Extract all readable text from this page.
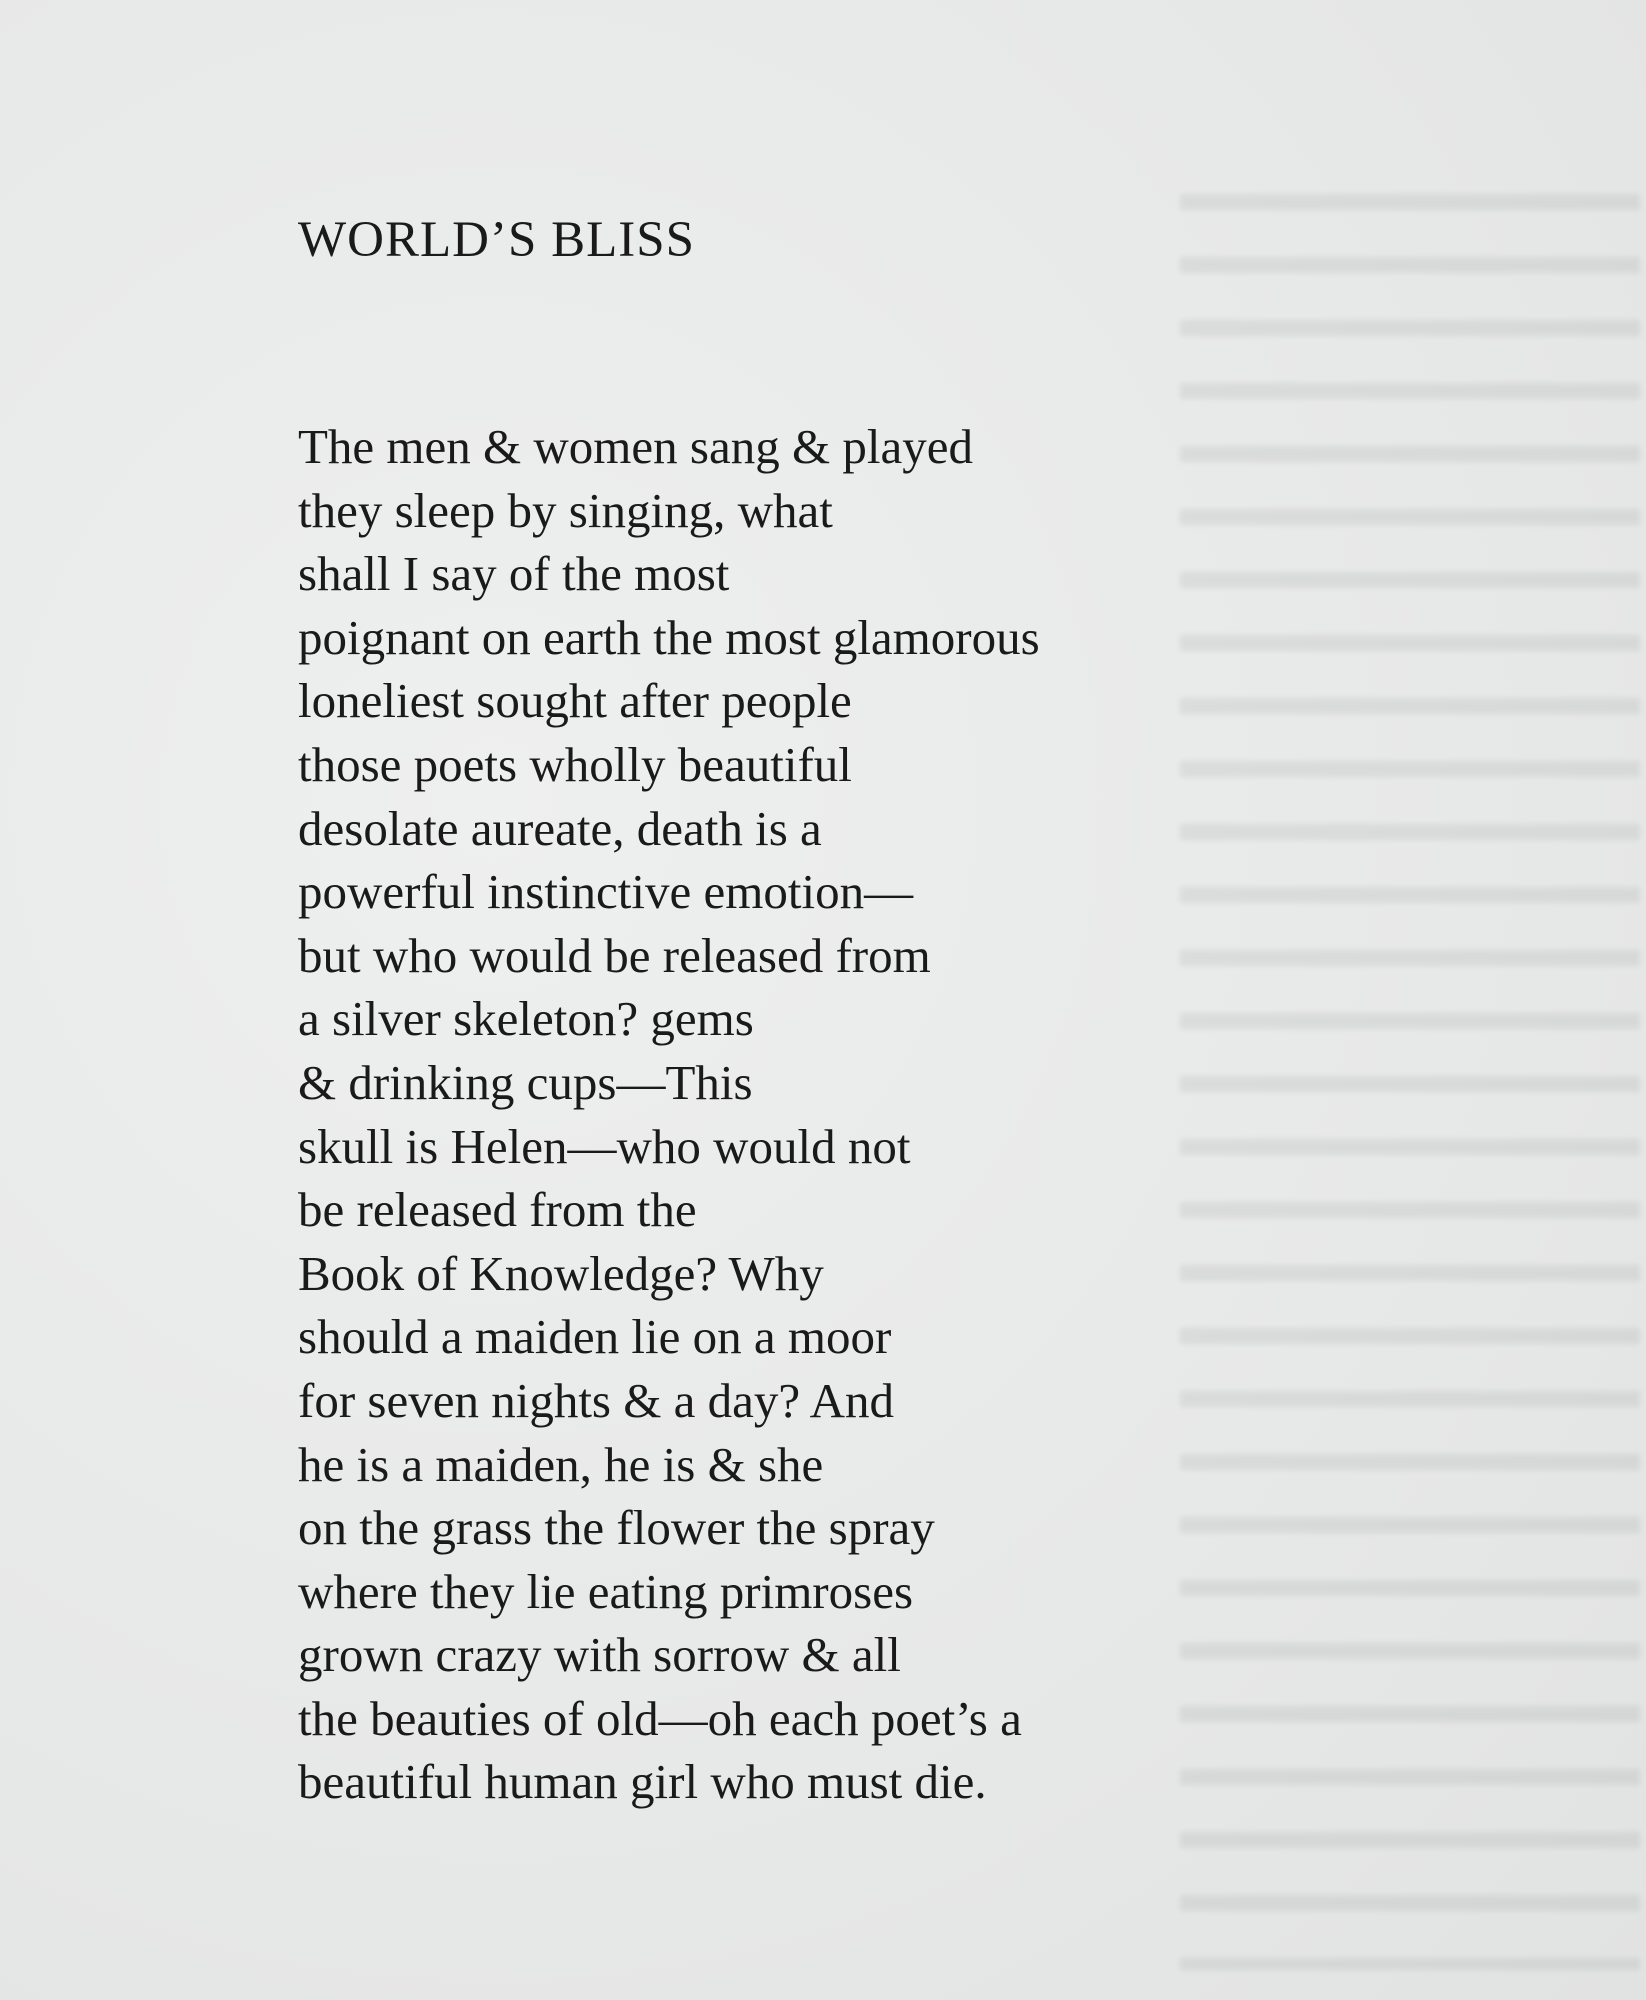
WORLD’S BLISS
The men & women sang & played
they sleep by singing, what
shall I say of the most
poignant on earth the most glamorous
loneliest sought after people
those poets wholly beautiful
desolate aureate, death is a
powerful instinctive emotion—
but who would be released from
a silver skeleton? gems
& drinking cups—This
skull is Helen—who would not
be released from the
Book of Knowledge? Why
should a maiden lie on a moor
for seven nights & a day? And
he is a maiden, he is & she
on the grass the flower the spray
where they lie eating primroses
grown crazy with sorrow & all
the beauties of old—oh each poet’s a
beautiful human girl who must die.
